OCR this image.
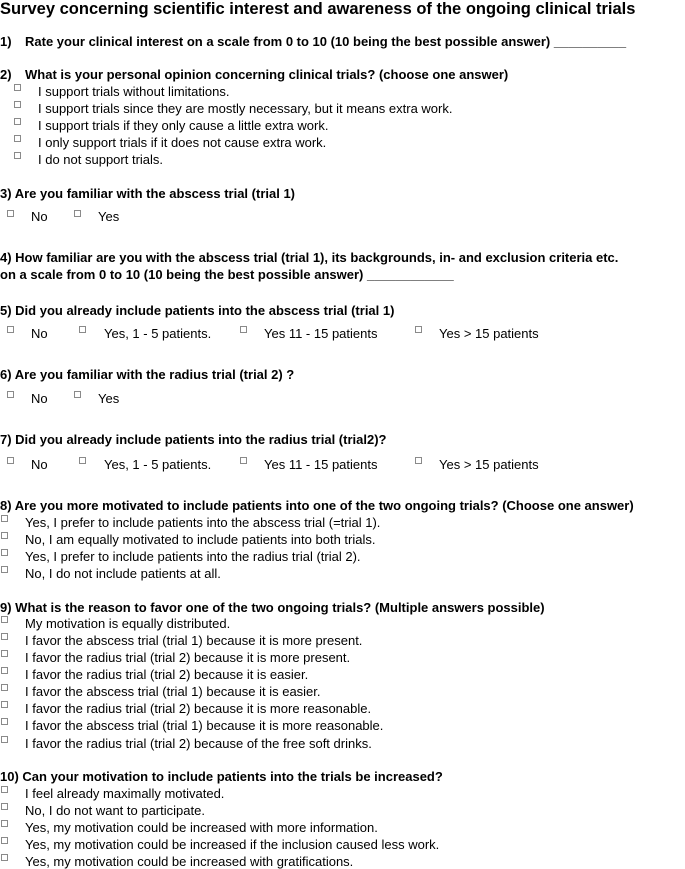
Survey concerning scientific interest and awareness of the ongoing clinical trials
1) Rate your clinical interest on a scale from 0 to 10 (10 being the best possible answer) __________
2) What is your personal opinion concerning clinical trials? (choose one answer)
I support trials without limitations.
I support trials since they are mostly necessary, but it means extra work.
I support trials if they only cause a little extra work.
I only support trials if it does not cause extra work.
I do not support trials.
3) Are you familiar with the abscess trial (trial 1)
No	Yes
4) How familiar are you with the abscess trial (trial 1), its backgrounds, in- and exclusion criteria etc.
on a scale from 0 to 10 (10 being the best possible answer) ____________
5) Did you already include patients into the abscess trial (trial 1)
No	Yes, 1 - 5 patients.	Yes 11 - 15 patients	Yes > 15 patients
6) Are you familiar with the radius trial (trial 2) ?
No	Yes
7) Did you already include patients into the radius trial (trial2)?
No	Yes, 1 - 5 patients.	Yes 11 - 15 patients	Yes > 15 patients
8) Are you more motivated to include patients into one of the two ongoing trials? (Choose one answer)
Yes, I prefer to include patients into the abscess trial (=trial 1).
No, I am equally motivated to include patients into both trials.
Yes, I prefer to include patients into the radius trial (trial 2).
No, I do not include patients at all.
9) What is the reason to favor one of the two ongoing trials? (Multiple answers possible)
My motivation is equally distributed.
I favor the abscess trial (trial 1) because it is more present.
I favor the radius trial (trial 2) because it is more present.
I favor the radius trial (trial 2) because it is easier.
I favor the abscess trial (trial 1) because it is easier.
I favor the radius trial (trial 2) because it is more reasonable.
I favor the abscess trial (trial 1) because it is more reasonable.
I favor the radius trial (trial 2) because of the free soft drinks.
10) Can your motivation to include patients into the trials be increased?
I feel already maximally motivated.
No, I do not want to participate.
Yes, my motivation could be increased with more information.
Yes, my motivation could be increased if the inclusion caused less work.
Yes, my motivation could be increased with gratifications.
